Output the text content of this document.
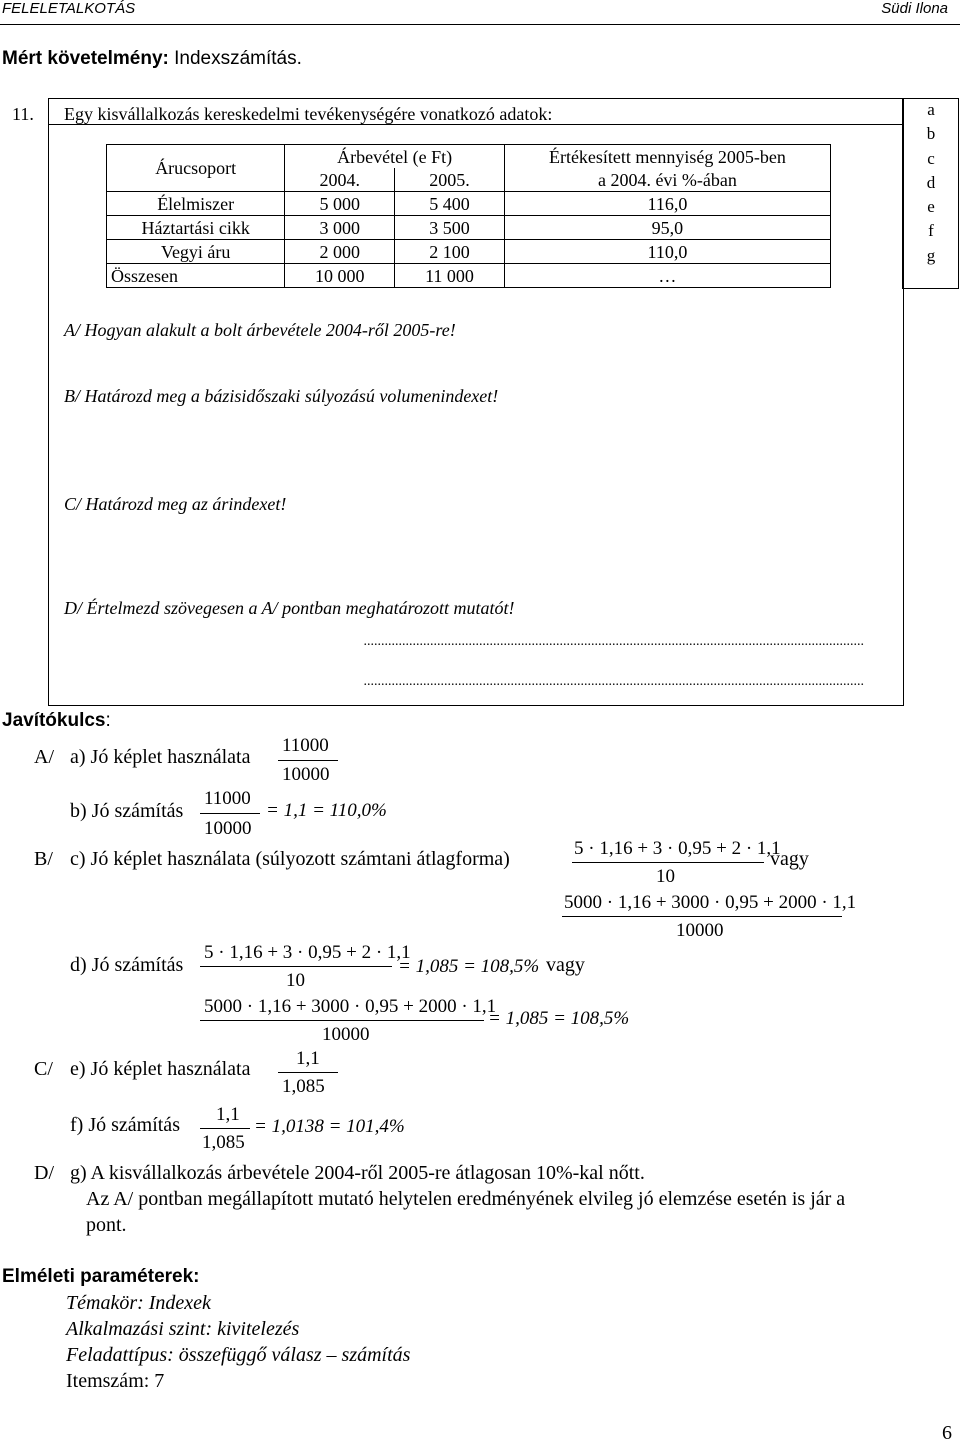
FELELETALKOTÁS	Südi Ilona
Mért követelmény: Indexszámítás.
11. Egy kisvállalkozás kereskedelmi tevékenységére vonatkozó adatok:	a
b
c
d
e
f
g
Árucsoport	Árbevétel (e Ft)		Értékesített mennyiség 2005-ben
	2004.	2005.	a 2004. évi %-ában
Élelmiszer	5 000	5 400	116,0
Háztartási cikk	3 000	3 500	95,0
Vegyi áru	2 000	2 100	110,0
Összesen	10 000	11 000	…
A/ Hogyan alakult a bolt árbevétele 2004-ről 2005-re!
B/ Határozd meg a bázisidőszaki súlyozású volumenindexet!
C/ Határozd meg az árindexet!
D/ Értelmezd szövegesen a A/ pontban meghatározott mutatót!
...............................................................................................................................................
...............................................................................................................................................
Javítókulcs:
A/ a) Jó képlet használata
11000
10000
b) Jó számítás
11000
10000
= 1,1 = 110,0%
B/ c) Jó képlet használata (súlyozott számtani átlagforma)	5 · 1,16 + 3 · 0,95 + 2 · 1,1
10
vagy
5000 · 1,16 + 3000 · 0,95 + 2000 · 1,1
10000
d) Jó számítás
5 · 1,16 + 3 · 0,95 + 2 · 1,1
10
= 1,085 = 108,5% vagy
5000 · 1,16 + 3000 · 0,95 + 2000 · 1,1
10000
= 1,085 = 108,5%
C/ e) Jó képlet használata 1,1
1,085
f) Jó számítás 1,1
1,085
= 1,0138 = 101,4%
D/ g) A kisvállalkozás árbevétele 2004-ről 2005-re átlagosan 10%-kal nőtt.
Az A/ pontban megállapított mutató helytelen eredményének elvileg jó elemzése esetén is jár a
pont.
Elméleti paraméterek:
Témakör: Indexek
Alkalmazási szint: kivitelezés
Feladattípus: összefüggő válasz – számítás
Itemszám: 7
6
